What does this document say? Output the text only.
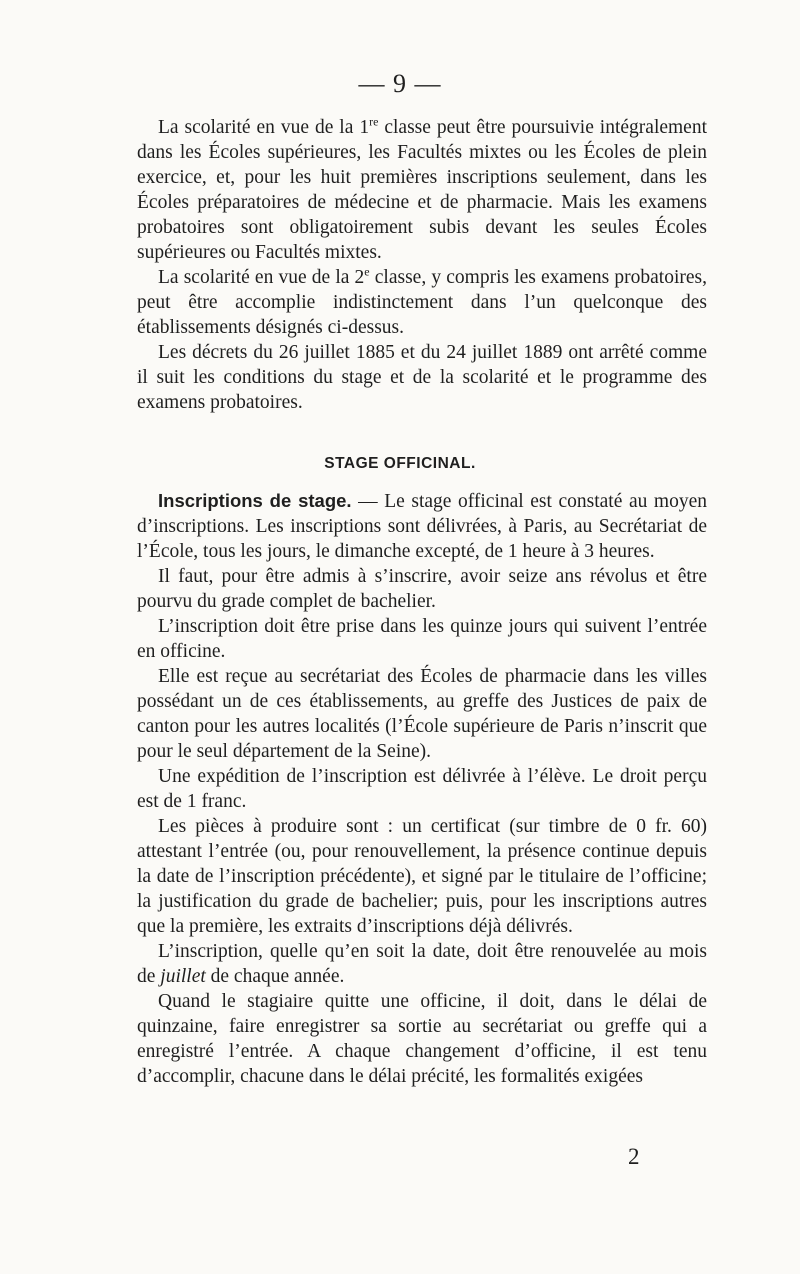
— 9 —

La scolarité en vue de la 1re classe peut être poursuivie intégralement dans les Écoles supérieures, les Facultés mixtes ou les Écoles de plein exercice, et, pour les huit premières inscriptions seulement, dans les Écoles préparatoires de médecine et de pharmacie. Mais les examens probatoires sont obligatoirement subis devant les seules Écoles supérieures ou Facultés mixtes.

La scolarité en vue de la 2e classe, y compris les examens probatoires, peut être accomplie indistinctement dans l’un quelconque des établissements désignés ci-dessus.

Les décrets du 26 juillet 1885 et du 24 juillet 1889 ont arrêté comme il suit les conditions du stage et de la scolarité et le programme des examens probatoires.

STAGE OFFICINAL.

Inscriptions de stage. — Le stage officinal est constaté au moyen d’inscriptions. Les inscriptions sont délivrées, à Paris, au Secrétariat de l’École, tous les jours, le dimanche excepté, de 1 heure à 3 heures.

Il faut, pour être admis à s’inscrire, avoir seize ans révolus et être pourvu du grade complet de bachelier.

L’inscription doit être prise dans les quinze jours qui suivent l’entrée en officine.

Elle est reçue au secrétariat des Écoles de pharmacie dans les villes possédant un de ces établissements, au greffe des Justices de paix de canton pour les autres localités (l’École supérieure de Paris n’inscrit que pour le seul département de la Seine).

Une expédition de l’inscription est délivrée à l’élève. Le droit perçu est de 1 franc.

Les pièces à produire sont : un certificat (sur timbre de 0 fr. 60) attestant l’entrée (ou, pour renouvellement, la présence continue depuis la date de l’inscription précédente), et signé par le titulaire de l’officine; la justification du grade de bachelier; puis, pour les inscriptions autres que la première, les extraits d’inscriptions déjà délivrés.

L’inscription, quelle qu’en soit la date, doit être renouvelée au mois de juillet de chaque année.

Quand le stagiaire quitte une officine, il doit, dans le délai de quinzaine, faire enregistrer sa sortie au secrétariat ou greffe qui a enregistré l’entrée. A chaque changement d’officine, il est tenu d’accomplir, chacune dans le délai précité, les formalités exigées

2
